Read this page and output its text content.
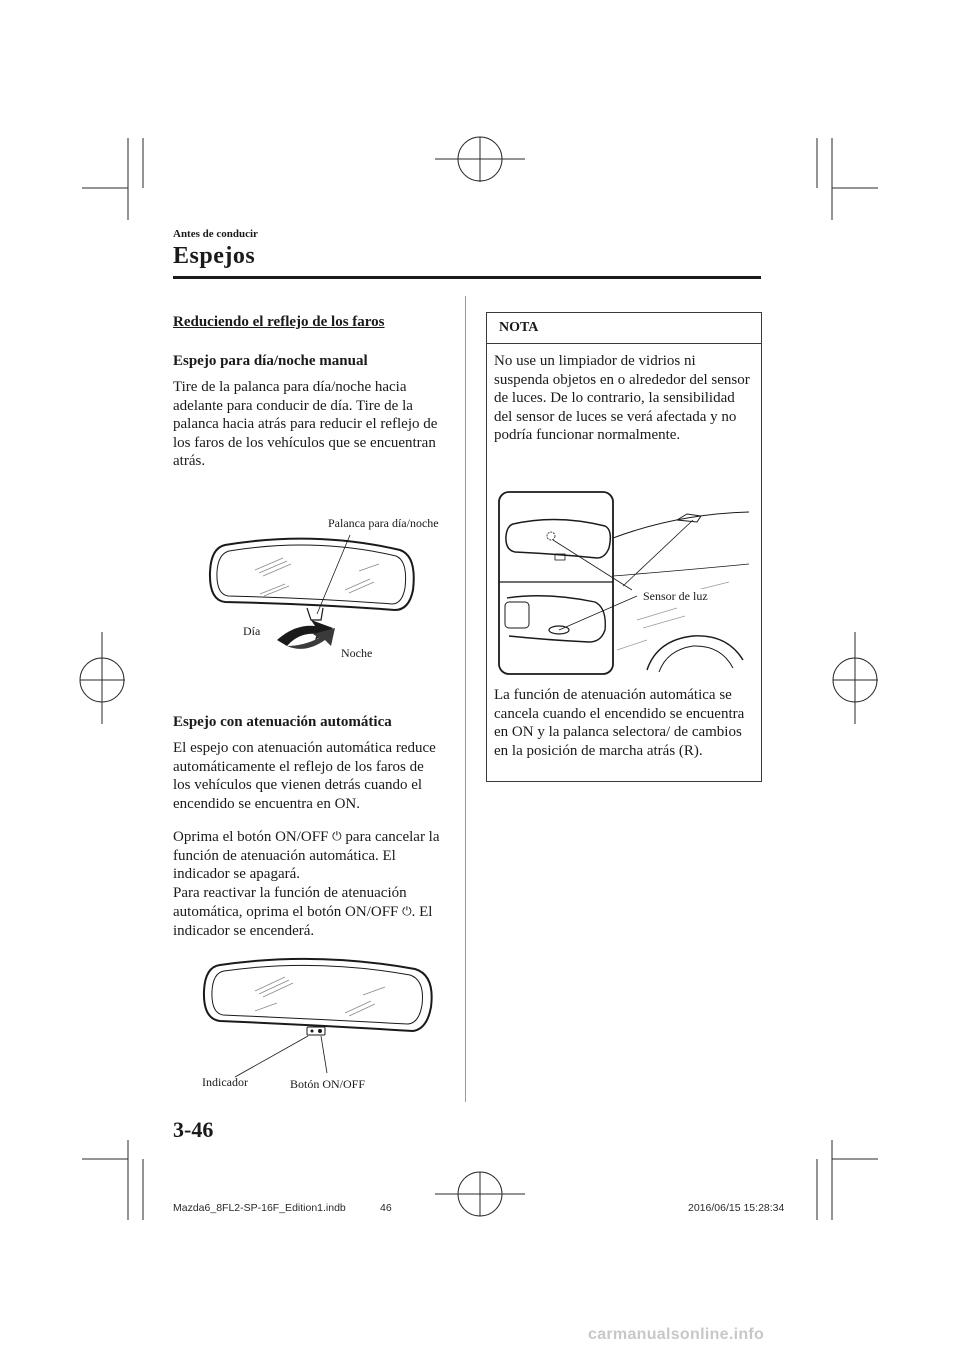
Antes de conducir
Espejos
Reduciendo el reflejo de los faros
Espejo para día/noche manual
Tire de la palanca para día/noche hacia adelante para conducir de día. Tire de la palanca hacia atrás para reducir el reflejo de los faros de los vehículos que se encuentran atrás.
Palanca para día/noche
Día
Noche
Espejo con atenuación automática
El espejo con atenuación automática reduce automáticamente el reflejo de los faros de los vehículos que vienen detrás cuando el encendido se encuentra en ON.
Oprima el botón ON/OFF ⏻ para cancelar la función de atenuación automática. El indicador se apagará.
Para reactivar la función de atenuación automática, oprima el botón ON/OFF ⏻. El indicador se encenderá.
Indicador	Botón ON/OFF
NOTA
No use un limpiador de vidrios ni suspenda objetos en o alrededor del sensor de luces. De lo contrario, la sensibilidad del sensor de luces se verá afectada y no podría funcionar normalmente.
Sensor de luz
La función de atenuación automática se cancela cuando el encendido se encuentra en ON y la palanca selectora/ de cambios en la posición de marcha atrás (R).
3-46
Mazda6_8FL2-SP-16F_Edition1.indb	46	2016/06/15 15:28:34
carmanualsonline.info
